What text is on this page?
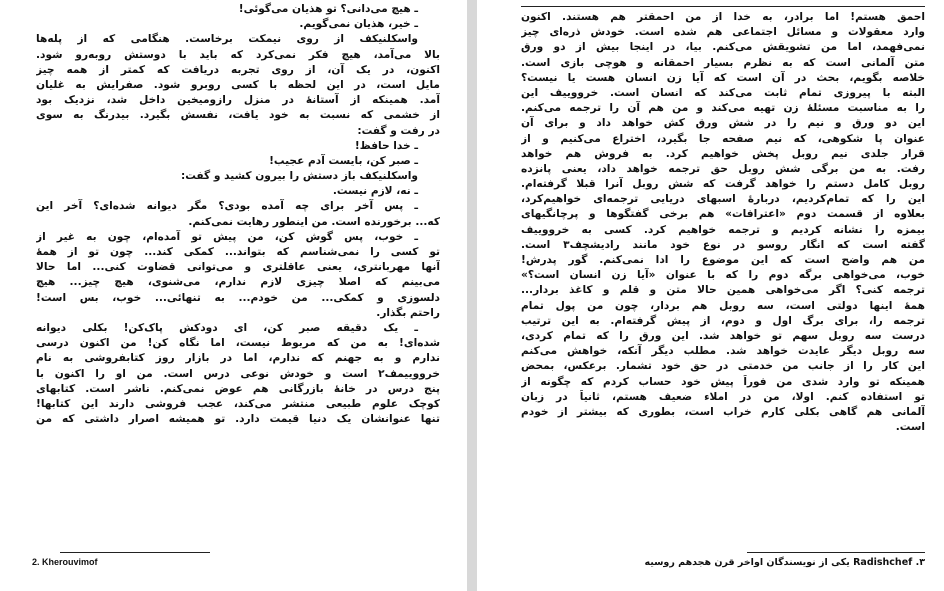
ـ هیچ می‌دانی؟ تو هذیان می‌گوئی!
ـ خیر، هذیان نمی‌گویم.
واسکلنیکف از روی نیمکت برخاست. هنگامی که از پله‌ها
بالا می‌آمد، هیچ فکر نمی‌کرد که باید با دوستش روبه‌رو شود.
اکنون، در یک آن، از روی تجربه دریافت که کمتر از همه چیز
مایل است، در این لحظه با کسی روبرو شود. صفرایش به غلیان
آمد. همینکه از آستانهٔ در منزل رازومیخین داخل شد، نزدیک بود
از خشمی که نسبت به خود یافت، نفسش بگیرد. بیدرنگ به سوی
در رفت و گفت:
ـ خدا حافظ!
ـ صبر کن، بایست آدم عجیب!
واسکلنیکف باز دستش را بیرون کشید و گفت:
ـ نه، لازم نیست.
ـ پس آخر برای چه آمده بودی؟ مگر دیوانه شده‌ای؟ آخر این
که... برخورنده است. من اینطور رهایت نمی‌کنم.
ـ خوب، پس گوش کن، من پیش تو آمده‌ام، چون به غیر از
تو کسی را نمی‌شناسم که بتواند... کمکی کند... چون تو از همهٔ
آنها مهربانتری، یعنی عاقلتری و می‌توانی قضاوت کنی... اما حالا
می‌بینم که اصلا چیزی لازم ندارم، می‌شنوی، هیچ چیز... هیچ
دلسوزی و کمکی... من خودم... به تنهائی... خوب، بس است!
راحتم بگذار.
ـ یک دقیقه صبر کن، ای دودکش پاک‌کن! بکلی دیوانه
شده‌ای! به من که مربوط نیست، اما نگاه کن! من اکنون درسی
ندارم و به جهنم که ندارم، اما در بازار روز کتابفروشی به نام
خرووییمف۲ است و خودش نوعی درس است. من او را اکنون با
پنج درس در خانهٔ بازرگانی هم عوض نمی‌کنم. ناشر است. کتابهای
کوچک علوم طبیعی منتشر می‌کند، عجب فروشی دارند این کتابها!
تنها عنوانشان یک دنیا قیمت دارد. تو همیشه اصرار داشتی که من
2. Kherouvimof
احمق هستم! اما برادر، به خدا از من احمقتر هم هستند. اکنون
وارد معقولات و مسائل اجتماعی هم شده است. خودش ذره‌ای چیز
نمی‌فهمد، اما من تشویقش می‌کنم. بیا، در اینجا بیش از دو ورق
متن آلمانی است که به نظرم بسیار احمقانه و هوچی بازی است.
خلاصه بگویم، بحث در آن است که آیا زن انسان هست یا نیست؟
البته با پیروزی تمام ثابت می‌کند که انسان است. خرووییف این
را به مناسبت مسئلهٔ زن تهیه می‌کند و من هم آن را ترجمه می‌کنم.
این دو ورق و نیم را در شش ورق کش خواهد داد و برای آن
عنوان پا شکوهی، که نیم صفحه جا بگیرد، اختراع می‌کنیم و از
قرار جلدی نیم روبل پخش خواهیم کرد. به فروش هم خواهد
رفت. به من برگی شش روبل حق ترجمه خواهد داد، یعنی پانزده
روبل کامل دستم را خواهد گرفت که شش روبل آنرا قبلا گرفته‌ام.
این را که تمام‌کردیم، دربارهٔ اسبهای دریایی ترجمه‌ای خواهیم‌کرد،
بعلاوه از قسمت دوم «اعترافات» هم برخی گفتگوها و پرچانگیهای
بیمزه را نشانه کردیم و ترجمه خواهیم کرد. کسی به خرووییف
گفته است که انگار روسو در نوع خود مانند رادیشچف۳ است.
من هم واضح است که این موضوع را ادا نمی‌کنم. گور پدرش!
خوب، می‌خواهی برگه دوم را که با عنوان «آیا زن انسان است؟»
ترجمه کنی؟ اگر می‌خواهی همین حالا متن و قلم و کاغذ بردار...
همهٔ اینها دولتی است، سه روبل هم بردار، چون من پول تمام
ترجمه را، برای برگ اول و دوم، از پیش گرفته‌ام. به این ترتیب
درست سه روبل سهم تو خواهد شد. این ورق را که تمام کردی،
سه روبل دیگر عایدت خواهد شد. مطلب دیگر آنکه، خواهش می‌کنم
این کار را از جانب من خدمتی در حق خود تشمار. برعکس، بمحض
همینکه تو وارد شدی من فوراً پیش خود حساب کردم که چگونه از
تو استفاده کنم. اولا، من در املاء ضعیف هستم، ثانیاً در زبان
آلمانی هم گاهی بکلی کارم خراب است، بطوری که بیشتر از خودم
است.
۳. Radishchef یکی از نویسندگان اواخر قرن هجدهم روسیه
